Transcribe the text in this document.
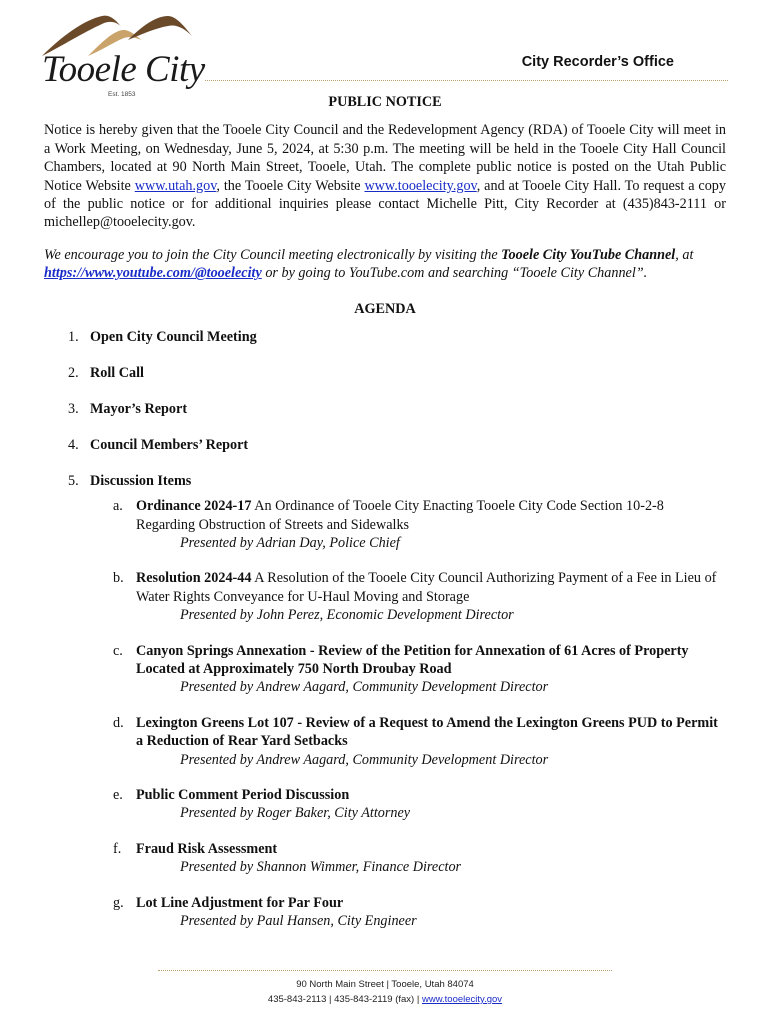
Tooele City
Est. 1853
City Recorder’s Office
PUBLIC NOTICE

Notice is hereby given that the Tooele City Council and the Redevelopment Agency (RDA) of Tooele City will meet in a Work Meeting, on Wednesday, June 5, 2024, at 5:30 p.m. The meeting will be held in the Tooele City Hall Council Chambers, located at 90 North Main Street, Tooele, Utah. The complete public notice is posted on the Utah Public Notice Website www.utah.gov, the Tooele City Website www.tooelecity.gov, and at Tooele City Hall. To request a copy of the public notice or for additional inquiries please contact Michelle Pitt, City Recorder at (435)843-2111 or michellep@tooelecity.gov.

We encourage you to join the City Council meeting electronically by visiting the Tooele City YouTube Channel, at https://www.youtube.com/@tooelecity or by going to YouTube.com and searching “Tooele City Channel”.

AGENDA
1. Open City Council Meeting
2. Roll Call
3. Mayor’s Report
4. Council Members’ Report
5. Discussion Items
a. Ordinance 2024-17 An Ordinance of Tooele City Enacting Tooele City Code Section 10-2-8 Regarding Obstruction of Streets and Sidewalks
Presented by Adrian Day, Police Chief
b. Resolution 2024-44 A Resolution of the Tooele City Council Authorizing Payment of a Fee in Lieu of Water Rights Conveyance for U-Haul Moving and Storage
Presented by John Perez, Economic Development Director
c. Canyon Springs Annexation - Review of the Petition for Annexation of 61 Acres of Property Located at Approximately 750 North Droubay Road
Presented by Andrew Aagard, Community Development Director
d. Lexington Greens Lot 107 - Review of a Request to Amend the Lexington Greens PUD to Permit a Reduction of Rear Yard Setbacks
Presented by Andrew Aagard, Community Development Director
e. Public Comment Period Discussion
Presented by Roger Baker, City Attorney
f. Fraud Risk Assessment
Presented by Shannon Wimmer, Finance Director
g. Lot Line Adjustment for Par Four
Presented by Paul Hansen, City Engineer
90 North Main Street | Tooele, Utah 84074
435-843-2113 | 435-843-2119 (fax) | www.tooelecity.gov
